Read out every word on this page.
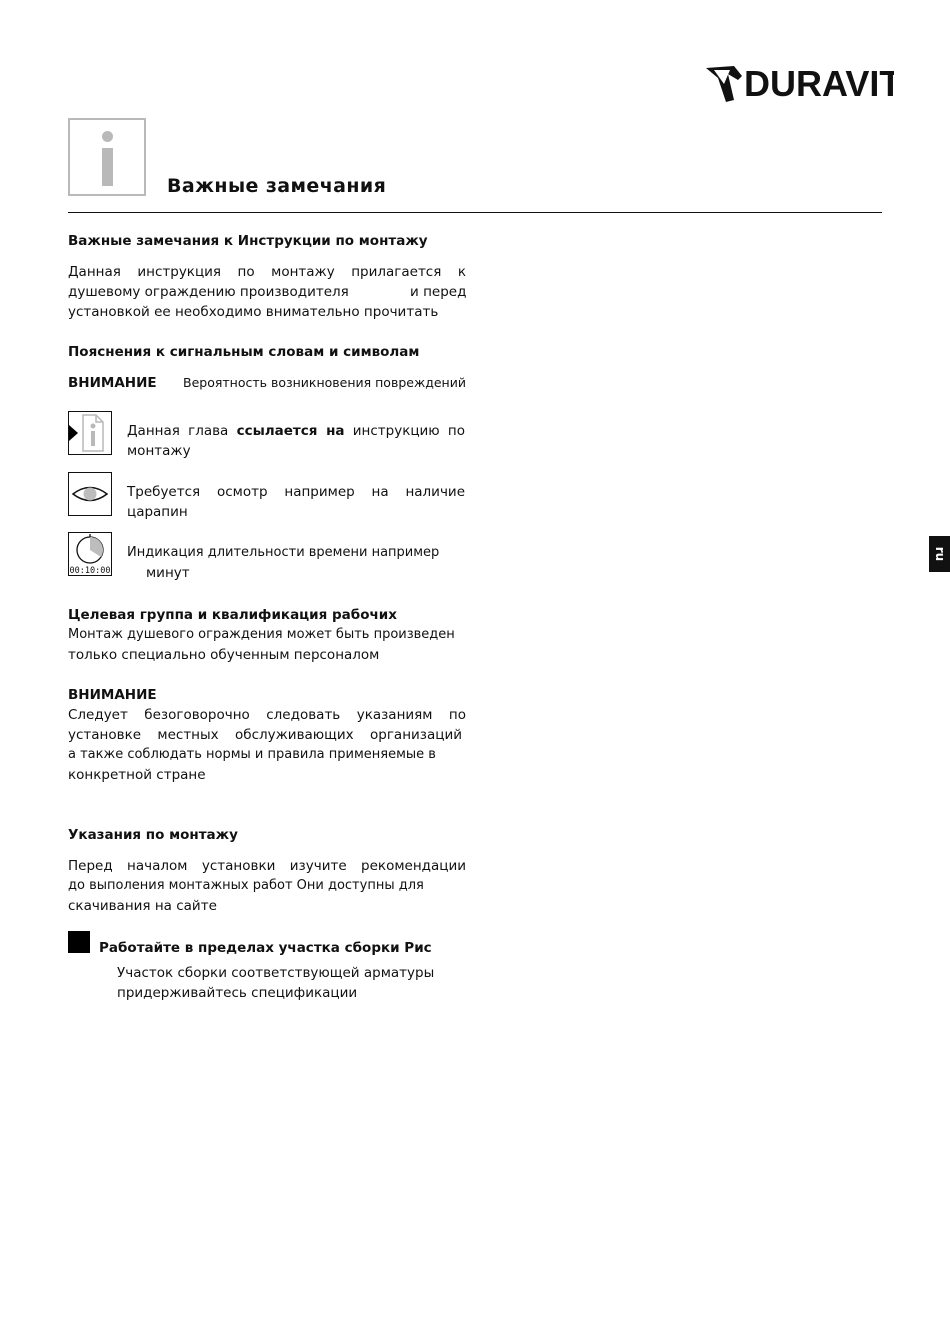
DURAVIT
Важные замечания
Важные замечания к Инструкции по монтажу
Данная инструкция по монтажу прилагается к
душевому ограждению производителя	и перед
установкой ее необходимо внимательно прочитать
Пояснения к сигнальным словам и символам
ВНИМАНИЕ Вероятность возникновения повреждений
Данная глава ссылается на инструкцию по
монтажу
Требуется осмотр например на наличие
царапин
00:10:00
Индикация длительности времени например
минут
Целевая группа и квалификация рабочих
Монтаж душевого ограждения может быть произведен
только специально обученным персоналом
ВНИМАНИЕ
Следует безоговорочно следовать указаниям по
установке местных обслуживающих организаций
а также соблюдать нормы и правила применяемые в
конкретной стране
Указания по монтажу
Перед началом установки изучите рекомендации
до выполения монтажных работ Они доступны для
скачивания на сайте
Работайте в пределах участка сборки Рис
Участок сборки соответствующей арматуры
придерживайтесь спецификации
ru
